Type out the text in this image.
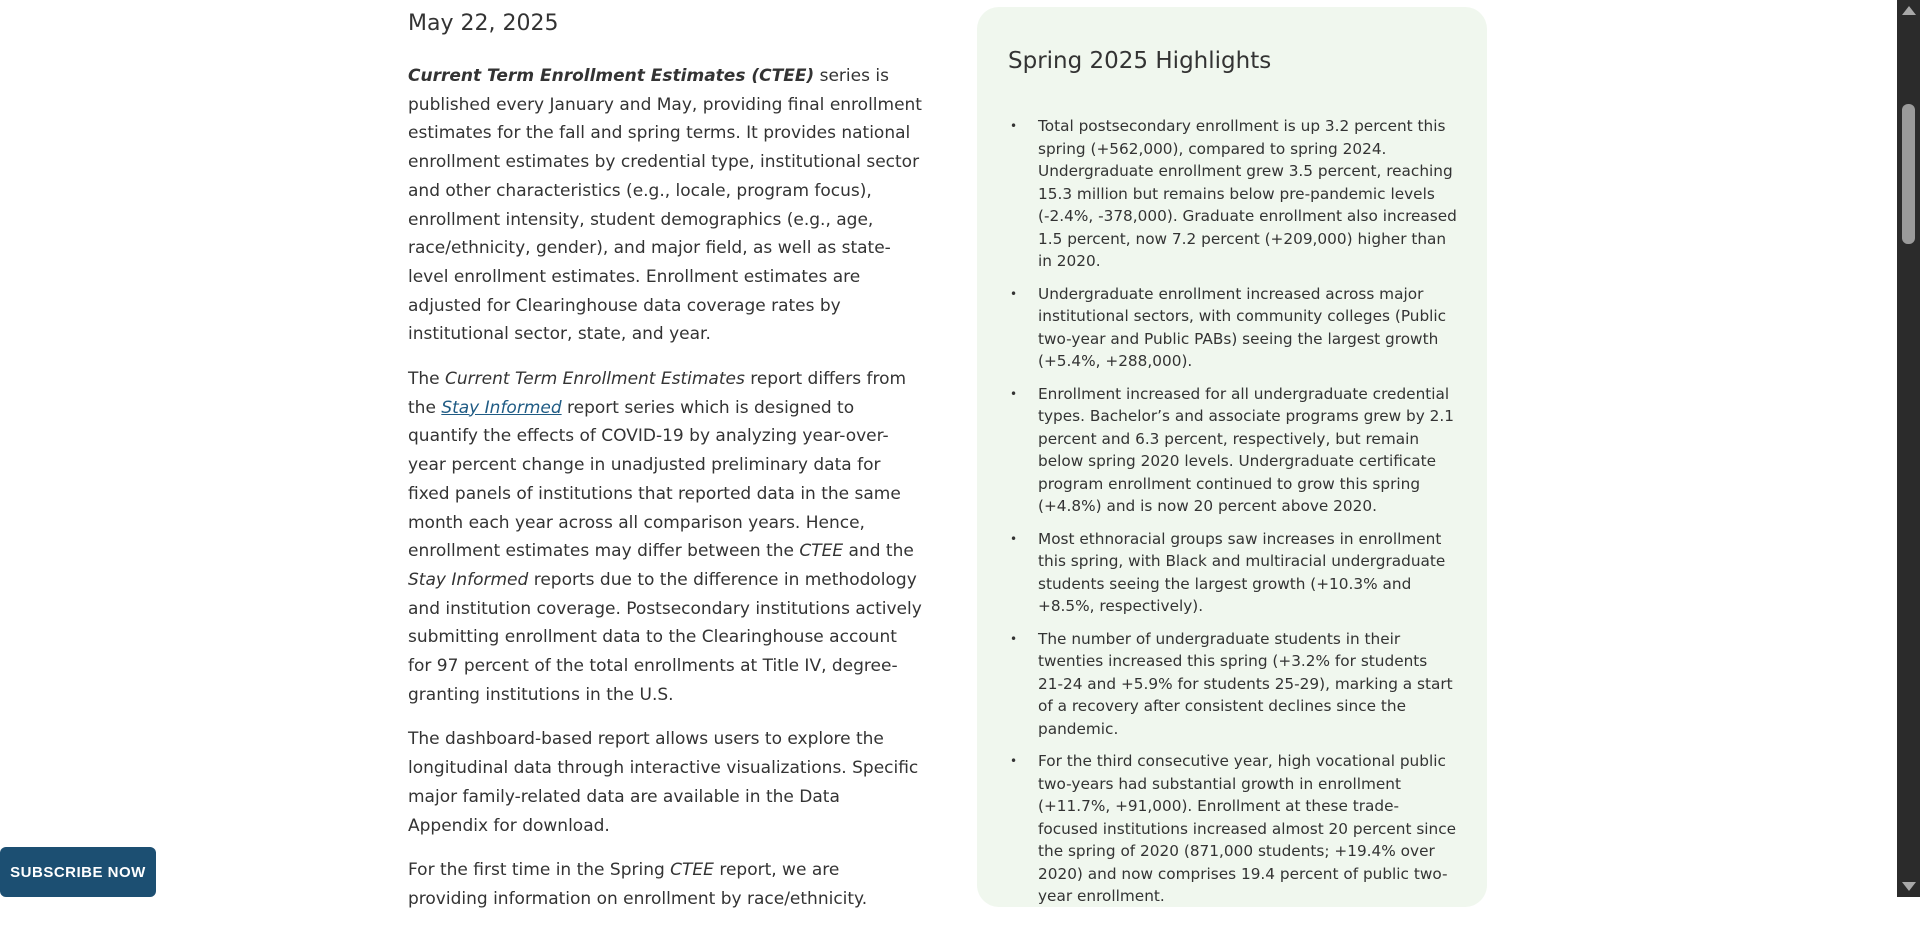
May 22, 2025

Current Term Enrollment Estimates (CTEE) series is published every January and May, providing final enrollment estimates for the fall and spring terms. It provides national enrollment estimates by credential type, institutional sector and other characteristics (e.g., locale, program focus), enrollment intensity, student demographics (e.g., age, race/ethnicity, gender), and major field, as well as state-level enrollment estimates. Enrollment estimates are adjusted for Clearinghouse data coverage rates by institutional sector, state, and year.

The Current Term Enrollment Estimates report differs from the Stay Informed report series which is designed to quantify the effects of COVID-19 by analyzing year-over-year percent change in unadjusted preliminary data for fixed panels of institutions that reported data in the same month each year across all comparison years. Hence, enrollment estimates may differ between the CTEE and the Stay Informed reports due to the difference in methodology and institution coverage. Postsecondary institutions actively submitting enrollment data to the Clearinghouse account for 97 percent of the total enrollments at Title IV, degree-granting institutions in the U.S.

The dashboard-based report allows users to explore the longitudinal data through interactive visualizations. Specific major family-related data are available in the Data Appendix for download.

For the first time in the Spring CTEE report, we are providing information on enrollment by race/ethnicity.

Spring 2025 Highlights
• Total postsecondary enrollment is up 3.2 percent this spring (+562,000), compared to spring 2024. Undergraduate enrollment grew 3.5 percent, reaching 15.3 million but remains below pre-pandemic levels (-2.4%, -378,000). Graduate enrollment also increased 1.5 percent, now 7.2 percent (+209,000) higher than in 2020.
• Undergraduate enrollment increased across major institutional sectors, with community colleges (Public two-year and Public PABs) seeing the largest growth (+5.4%, +288,000).
• Enrollment increased for all undergraduate credential types. Bachelor’s and associate programs grew by 2.1 percent and 6.3 percent, respectively, but remain below spring 2020 levels. Undergraduate certificate program enrollment continued to grow this spring (+4.8%) and is now 20 percent above 2020.
• Most ethnoracial groups saw increases in enrollment this spring, with Black and multiracial undergraduate students seeing the largest growth (+10.3% and +8.5%, respectively).
• The number of undergraduate students in their twenties increased this spring (+3.2% for students 21-24 and +5.9% for students 25-29), marking a start of a recovery after consistent declines since the pandemic.
• For the third consecutive year, high vocational public two-years had substantial growth in enrollment (+11.7%, +91,000). Enrollment at these trade-focused institutions increased almost 20 percent since the spring of 2020 (871,000 students; +19.4% over 2020) and now comprises 19.4 percent of public two-year enrollment.
SUBSCRIBE NOW
